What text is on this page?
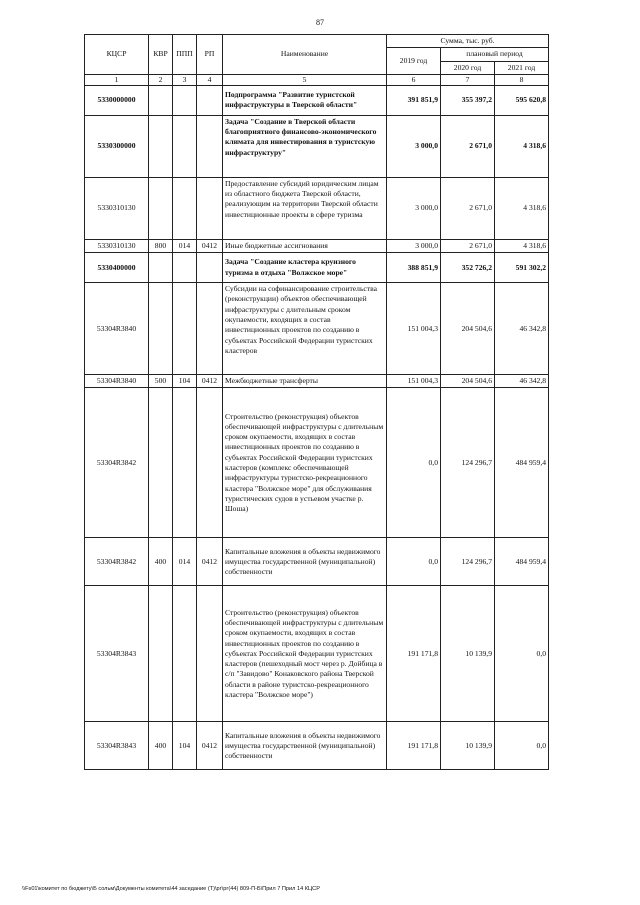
87
КЦСР	КВР	ППП	РП	Наименование	Сумма, тыс. руб.		
					2019 год	плановый период	
						2020 год	2021 год
1	2	3	4	5	6	7	8
5330000000				Подпрограмма "Развитие туристской инфраструктуры в Тверской области"	391 851,9	355 397,2	595 620,8
5330300000				Задача "Создание в Тверской области благоприятного финансово-экономического климата для инвестирования в туристскую инфраструктуру"	3 000,0	2 671,0	4 318,6
5330310130				Предоставление субсидий юридическим лицам из областного бюджета Тверской области, реализующим на территории Тверской области инвестиционные проекты в сфере туризма	3 000,0	2 671,0	4 318,6
5330310130	800	014	0412	Иные бюджетные ассигнования	3 000,0	2 671,0	4 318,6
5330400000				Задача "Создание кластера круизного туризма в отдыха "Волжское море"	388 851,9	352 726,2	591 302,2
53304R3840				Субсидии на софинансирование строительства (реконструкции) объектов обеспечивающей инфраструктуры с длительным сроком окупаемости, входящих в состав инвестиционных проектов по созданию в субъектах Российской Федерации туристских кластеров	151 004,3	204 504,6	46 342,8
53304R3840	500	104	0412	Межбюджетные трансферты	151 004,3	204 504,6	46 342,8
53304R3842				Строительство (реконструкция) объектов обеспечивающей инфраструктуры с длительным сроком окупаемости, входящих в состав инвестиционных проектов по созданию в субъектах Российской Федерации туристских кластеров (комплекс обеспечивающей инфраструктуры туристско-рекреационного кластера "Волжское море" для обслуживания туристических судов в устьевом участке р. Шоша)	0,0	124 296,7	484 959,4
53304R3842	400	014	0412	Капитальные вложения в объекты недвижимого имущества государственной (муниципальной) собственности	0,0	124 296,7	484 959,4
53304R3843				Строительство (реконструкция) объектов обеспечивающей инфраструктуры с длительным сроком окупаемости, входящих в состав инвестиционных проектов по созданию в субъектах Российской Федерации туристских кластеров (пешеходный мост через р. Дойбица в с/п "Завидово" Конаковского района Тверской области в районе туристско-рекреационного кластера "Волжское море")	191 171,8	10 139,9	0,0
53304R3843	400	104	0412	Капитальные вложения в объекты недвижимого имущества государственной (муниципальной) собственности	191 171,8	10 139,9	0,0
\\Fs01\комитет по бюджету\Б сольм\Документы комитета\44 заседание (Т)\рг\рг(44) 809-П-Б\Прил 7 Прил 14 КЦСР
